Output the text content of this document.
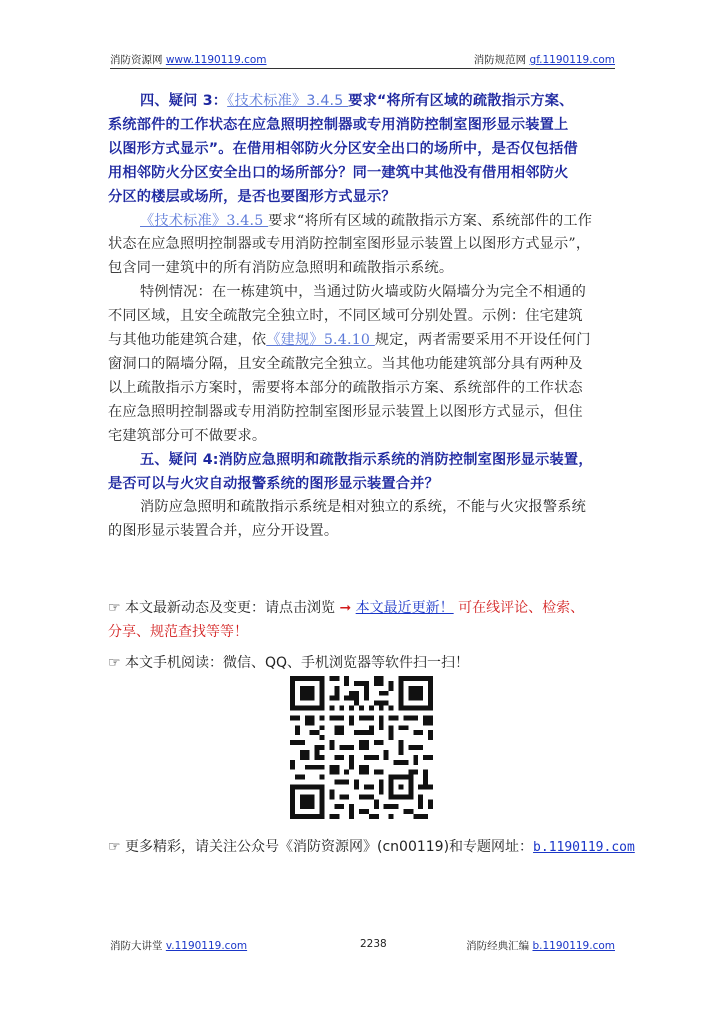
消防资源网 www.1190119.com	消防规范网 gf.1190119.com
四、疑问 3：《技术标准》3.4.5 要求“将所有区域的疏散指示方案、
系统部件的工作状态在应急照明控制器或专用消防控制室图形显示装置上
以图形方式显示”。在借用相邻防火分区安全出口的场所中，是否仅包括借
用相邻防火分区安全出口的场所部分？同一建筑中其他没有借用相邻防火
分区的楼层或场所，是否也要图形方式显示？
《技术标准》3.4.5 要求“将所有区域的疏散指示方案、系统部件的工作
状态在应急照明控制器或专用消防控制室图形显示装置上以图形方式显示”，
包含同一建筑中的所有消防应急照明和疏散指示系统。
特例情况：在一栋建筑中，当通过防火墙或防火隔墙分为完全不相通的
不同区域，且安全疏散完全独立时，不同区域可分别处置。示例：住宅建筑
与其他功能建筑合建，依《建规》5.4.10 规定，两者需要采用不开设任何门
窗洞口的隔墙分隔，且安全疏散完全独立。当其他功能建筑部分具有两种及
以上疏散指示方案时，需要将本部分的疏散指示方案、系统部件的工作状态
在应急照明控制器或专用消防控制室图形显示装置上以图形方式显示，但住
宅建筑部分可不做要求。
五、疑问 4:消防应急照明和疏散指示系统的消防控制室图形显示装置，
是否可以与火灾自动报警系统的图形显示装置合并？
消防应急照明和疏散指示系统是相对独立的系统，不能与火灾报警系统
的图形显示装置合并，应分开设置。
☞ 本文最新动态及变更：请点击浏览 ➞ 本文最近更新！ 可在线评论、检索、
分享、规范查找等等！
☞ 本文手机阅读：微信、QQ、手机浏览器等软件扫一扫！
☞ 更多精彩，请关注公众号《消防资源网》(cn00119)和专题网址：b.1190119.com
消防大讲堂 v.1190119.com	2238	消防经典汇编 b.1190119.com
